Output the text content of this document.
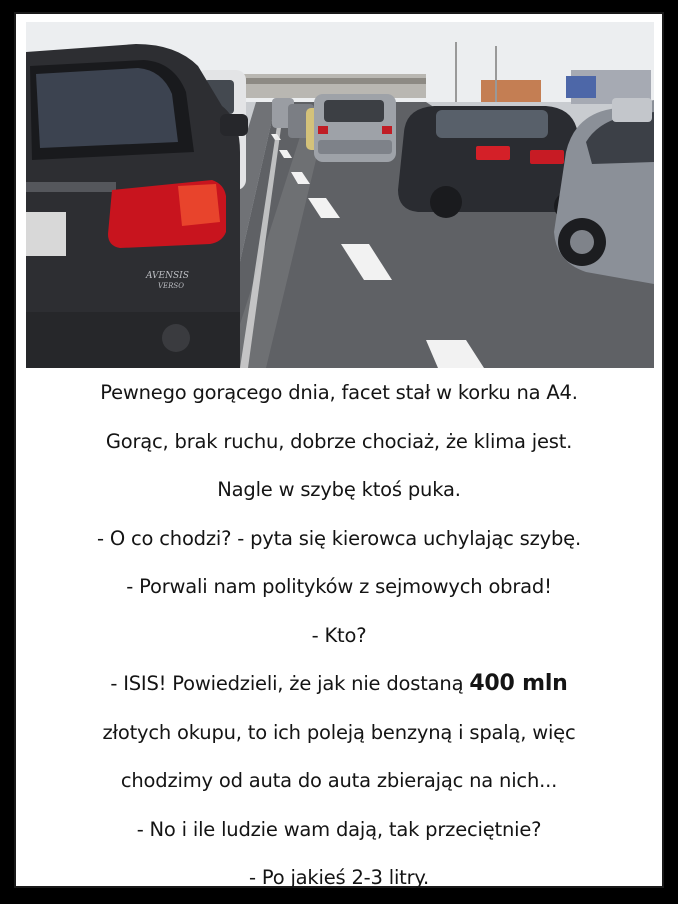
AVENSIS
VERSO
Pewnego gorącego dnia, facet stał w korku na A4.
Gorąc, brak ruchu, dobrze chociaż, że klima jest.
Nagle w szybę ktoś puka.
- O co chodzi? - pyta się kierowca uchylając szybę.
- Porwali nam polityków z sejmowych obrad!
- Kto?
- ISIS! Powiedzieli, że jak nie dostaną 400 mln
złotych okupu, to ich poleją benzyną i spalą, więc
chodzimy od auta do auta zbierając na nich...
- No i ile ludzie wam dają, tak przeciętnie?
- Po jakieś 2-3 litry.
